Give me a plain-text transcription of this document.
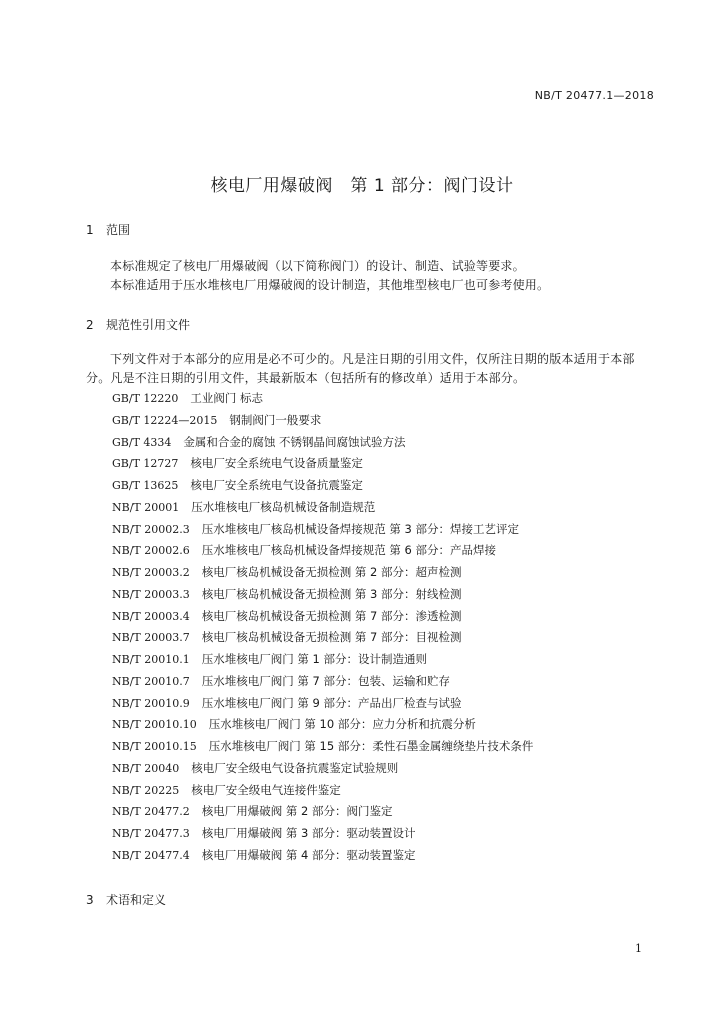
NB/T 20477.1—2018
核电厂用爆破阀　第 1 部分：阀门设计
1 范围

本标准规定了核电厂用爆破阀（以下简称阀门）的设计、制造、试验等要求。

本标准适用于压水堆核电厂用爆破阀的设计制造，其他堆型核电厂也可参考使用。

2 规范性引用文件

下列文件对于本部分的应用是必不可少的。凡是注日期的引用文件，仅所注日期的版本适用于本部分。凡是不注日期的引用文件，其最新版本（包括所有的修改单）适用于本部分。

GB/T 12220 工业阀门 标志
GB/T 12224—2015 钢制阀门一般要求
GB/T 4334 金属和合金的腐蚀 不锈钢晶间腐蚀试验方法
GB/T 12727 核电厂安全系统电气设备质量鉴定
GB/T 13625 核电厂安全系统电气设备抗震鉴定
NB/T 20001 压水堆核电厂核岛机械设备制造规范
NB/T 20002.3 压水堆核电厂核岛机械设备焊接规范 第 3 部分：焊接工艺评定
NB/T 20002.6 压水堆核电厂核岛机械设备焊接规范 第 6 部分：产品焊接
NB/T 20003.2 核电厂核岛机械设备无损检测 第 2 部分：超声检测
NB/T 20003.3 核电厂核岛机械设备无损检测 第 3 部分：射线检测
NB/T 20003.4 核电厂核岛机械设备无损检测 第 7 部分：渗透检测
NB/T 20003.7 核电厂核岛机械设备无损检测 第 7 部分：目视检测
NB/T 20010.1 压水堆核电厂阀门 第 1 部分：设计制造通则
NB/T 20010.7 压水堆核电厂阀门 第 7 部分：包装、运输和贮存
NB/T 20010.9 压水堆核电厂阀门 第 9 部分：产品出厂检查与试验
NB/T 20010.10 压水堆核电厂阀门 第 10 部分：应力分析和抗震分析
NB/T 20010.15 压水堆核电厂阀门 第 15 部分：柔性石墨金属缠绕垫片技术条件
NB/T 20040 核电厂安全级电气设备抗震鉴定试验规则
NB/T 20225 核电厂安全级电气连接件鉴定
NB/T 20477.2 核电厂用爆破阀 第 2 部分：阀门鉴定
NB/T 20477.3 核电厂用爆破阀 第 3 部分：驱动装置设计
NB/T 20477.4 核电厂用爆破阀 第 4 部分：驱动装置鉴定
3 术语和定义
1
